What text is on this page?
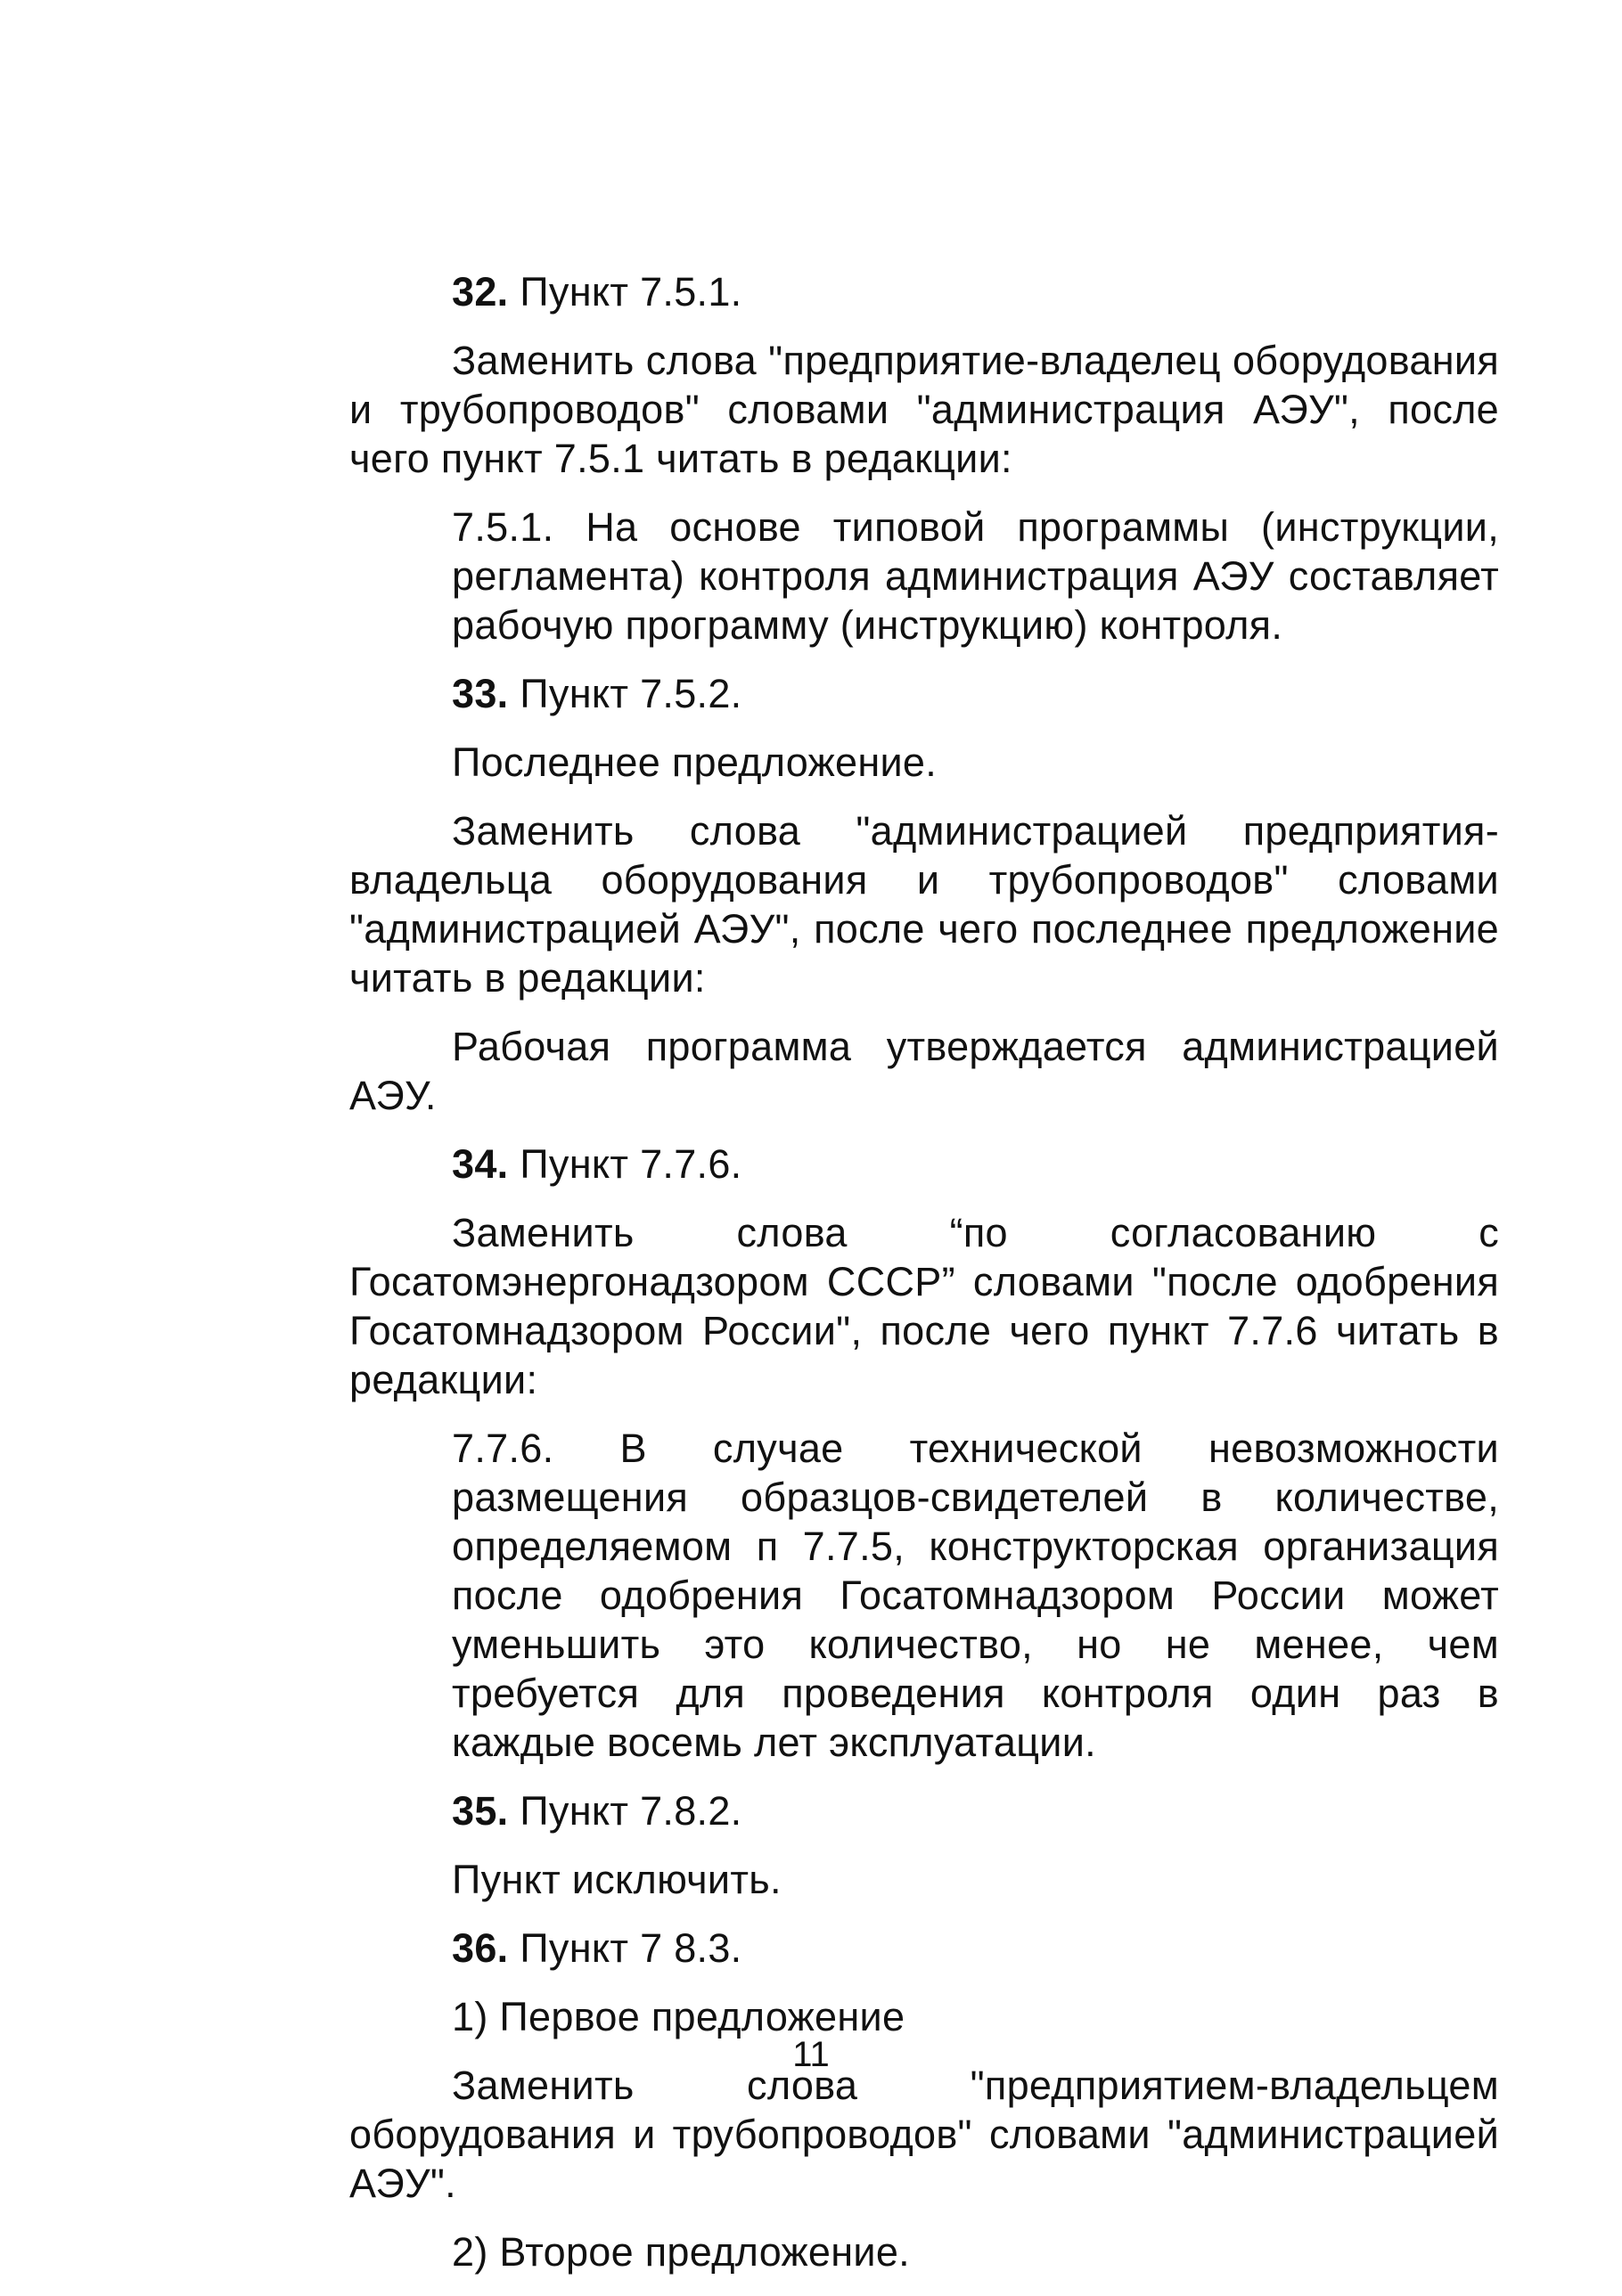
32. Пункт 7.5.1.

Заменить слова "предприятие-владелец оборудования и трубопроводов" словами "администрация АЭУ", после чего пункт 7.5.1 читать в редакции:

7.5.1. На основе типовой программы (инструкции, регламента) контроля администрация АЭУ составляет рабочую программу (инструкцию) контроля.

33. Пункт 7.5.2.

Последнее предложение.

Заменить слова "администрацией предприятия-владельца оборудования и трубопроводов" словами "администрацией АЭУ", после чего последнее предложение читать в редакции:

Рабочая программа утверждается администрацией АЭУ.

34. Пункт 7.7.6.

Заменить слова “по согласованию с Госатомэнергонадзором СССР” словами "после одобрения Госатомнадзором России", после чего пункт 7.7.6 читать в редакции:

7.7.6. В случае технической невозможности размещения образцов-свидетелей в количестве, определяемом п 7.7.5, конструкторская организация после одобрения Госатомнадзором России может уменьшить это количество, но не менее, чем требуется для проведения контроля один раз в каждые восемь лет эксплуатации.

35. Пункт 7.8.2.

Пункт исключить.

36. Пункт 7 8.3.

1) Первое предложение

Заменить слова "предприятием-владельцем оборудования и трубопроводов" словами "администрацией АЭУ".

2) Второе предложение.

11
